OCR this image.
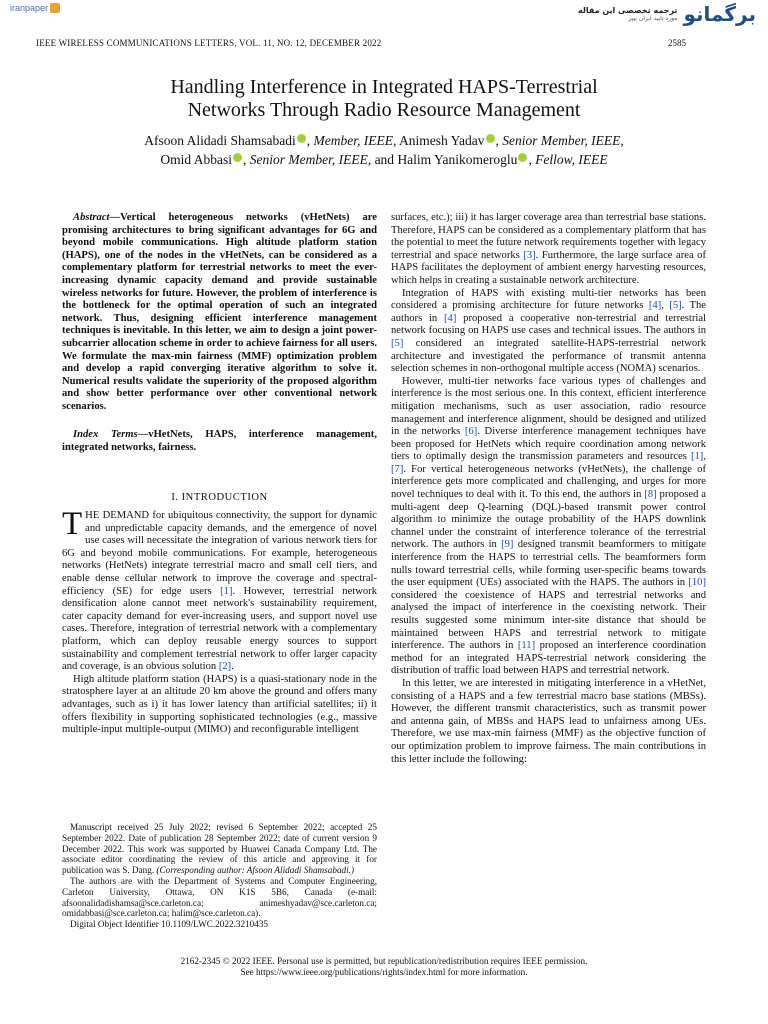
iranpaper	ترجمه تخصصی این مقاله
مورد تایید ایران پیپر برگمانو
IEEE WIRELESS COMMUNICATIONS LETTERS, VOL. 11, NO. 12, DECEMBER 2022	2585
Handling Interference in Integrated HAPS-Terrestrial
Networks Through Radio Resource Management
Afsoon Alidadi Shamsabadi , Member, IEEE, Animesh Yadav , Senior Member, IEEE,
Omid Abbasi , Senior Member, IEEE, and Halim Yanikomeroglu , Fellow, IEEE

Abstract—Vertical heterogeneous networks (vHetNets) are promising architectures to bring significant advantages for 6G and beyond mobile communications. High altitude platform station (HAPS), one of the nodes in the vHetNets, can be considered as a complementary platform for terrestrial networks to meet the ever-increasing dynamic capacity demand and provide sustainable wireless networks for future. However, the problem of interference is the bottleneck for the optimal operation of such an integrated network. Thus, designing efficient interference management techniques is inevitable. In this letter, we aim to design a joint power-subcarrier allocation scheme in order to achieve fairness for all users. We formulate the max-min fairness (MMF) optimization problem and develop a rapid converging iterative algorithm to solve it. Numerical results validate the superiority of the proposed algorithm and show better performance over other conventional network scenarios.

Index Terms—vHetNets, HAPS, interference management, integrated networks, fairness.

I. INTRODUCTION

THE DEMAND for ubiquitous connectivity, the support for dynamic and unpredictable capacity demands, and the emergence of novel use cases will necessitate the integration of various network tiers for 6G and beyond mobile communications. For example, heterogeneous networks (HetNets) integrate terrestrial macro and small cell tiers, and enable dense cellular network to improve the coverage and spectral-efficiency (SE) for edge users [1]. However, terrestrial network densification alone cannot meet network's sustainability requirement, cater capacity demand for ever-increasing users, and support novel use cases. Therefore, integration of terrestrial network with a complementary platform, which can deploy reusable energy sources to support sustainability and complement terrestrial network to offer larger capacity and coverage, is an obvious solution [2].

High altitude platform station (HAPS) is a quasi-stationary node in the stratosphere layer at an altitude 20 km above the ground and offers many advantages, such as i) it has lower latency than artificial satellites; ii) it offers flexibility in supporting sophisticated technologies (e.g., massive multiple-input multiple-output (MIMO) and reconfigurable intelligent

Manuscript received 25 July 2022; revised 6 September 2022; accepted 25 September 2022. Date of publication 28 September 2022; date of current version 9 December 2022. This work was supported by Huawei Canada Company Ltd. The associate editor coordinating the review of this article and approving it for publication was S. Dang. (Corresponding author: Afsoon Alidadi Shamsabadi.)

The authors are with the Department of Systems and Computer Engineering, Carleton University, Ottawa, ON K1S 5B6, Canada (e-mail: afsoonalidadishamsa@sce.carleton.ca; animeshyadav@sce.carleton.ca; omidabbasi@sce.carleton.ca; halim@sce.carleton.ca).

Digital Object Identifier 10.1109/LWC.2022.3210435

surfaces, etc.); iii) it has larger coverage area than terrestrial base stations. Therefore, HAPS can be considered as a complementary platform that has the potential to meet the future network requirements together with legacy terrestrial and space networks [3]. Furthermore, the large surface area of HAPS facilitates the deployment of ambient energy harvesting resources, which helps in creating a sustainable network architecture.

Integration of HAPS with existing multi-tier networks has been considered a promising architecture for future networks [4], [5]. The authors in [4] proposed a cooperative non-terrestrial and terrestrial network focusing on HAPS use cases and technical issues. The authors in [5] considered an integrated satellite-HAPS-terrestrial network architecture and investigated the performance of transmit antenna selection schemes in non-orthogonal multiple access (NOMA) scenarios.

However, multi-tier networks face various types of challenges and interference is the most serious one. In this context, efficient interference mitigation mechanisms, such as user association, radio resource management and interference alignment, should be designed and utilized in the networks [6]. Diverse interference management techniques have been proposed for HetNets which require coordination among network tiers to optimally design the transmission parameters and resources [1], [7]. For vertical heterogeneous networks (vHetNets), the challenge of interference gets more complicated and challenging, and urges for more novel techniques to deal with it. To this end, the authors in [8] proposed a multi-agent deep Q-learning (DQL)-based transmit power control algorithm to minimize the outage probability of the HAPS downlink channel under the constraint of interference tolerance of the terrestrial network. The authors in [9] designed transmit beamformers to mitigate interference from the HAPS to terrestrial cells. The beamformers form nulls toward terrestrial cells, while forming user-specific beams towards the user equipment (UEs) associated with the HAPS. The authors in [10] considered the coexistence of HAPS and terrestrial networks and analysed the impact of interference in the coexisting network. Their results suggested some minimum inter-site distance that should be maintained between HAPS and terrestrial network to mitigate interference. The authors in [11] proposed an interference coordination method for an integrated HAPS-terrestrial network considering the distribution of traffic load between HAPS and terrestrial network.

In this letter, we are interested in mitigating interference in a vHetNet, consisting of a HAPS and a few terrestrial macro base stations (MBSs). However, the different transmit characteristics, such as transmit power and antenna gain, of MBSs and HAPS lead to unfairness among UEs. Therefore, we use max-min fairness (MMF) as the objective function of our optimization problem to improve fairness. The main contributions in this letter include the following:

2162-2345 © 2022 IEEE. Personal use is permitted, but republication/redistribution requires IEEE permission.
See https://www.ieee.org/publications/rights/index.html for more information.
